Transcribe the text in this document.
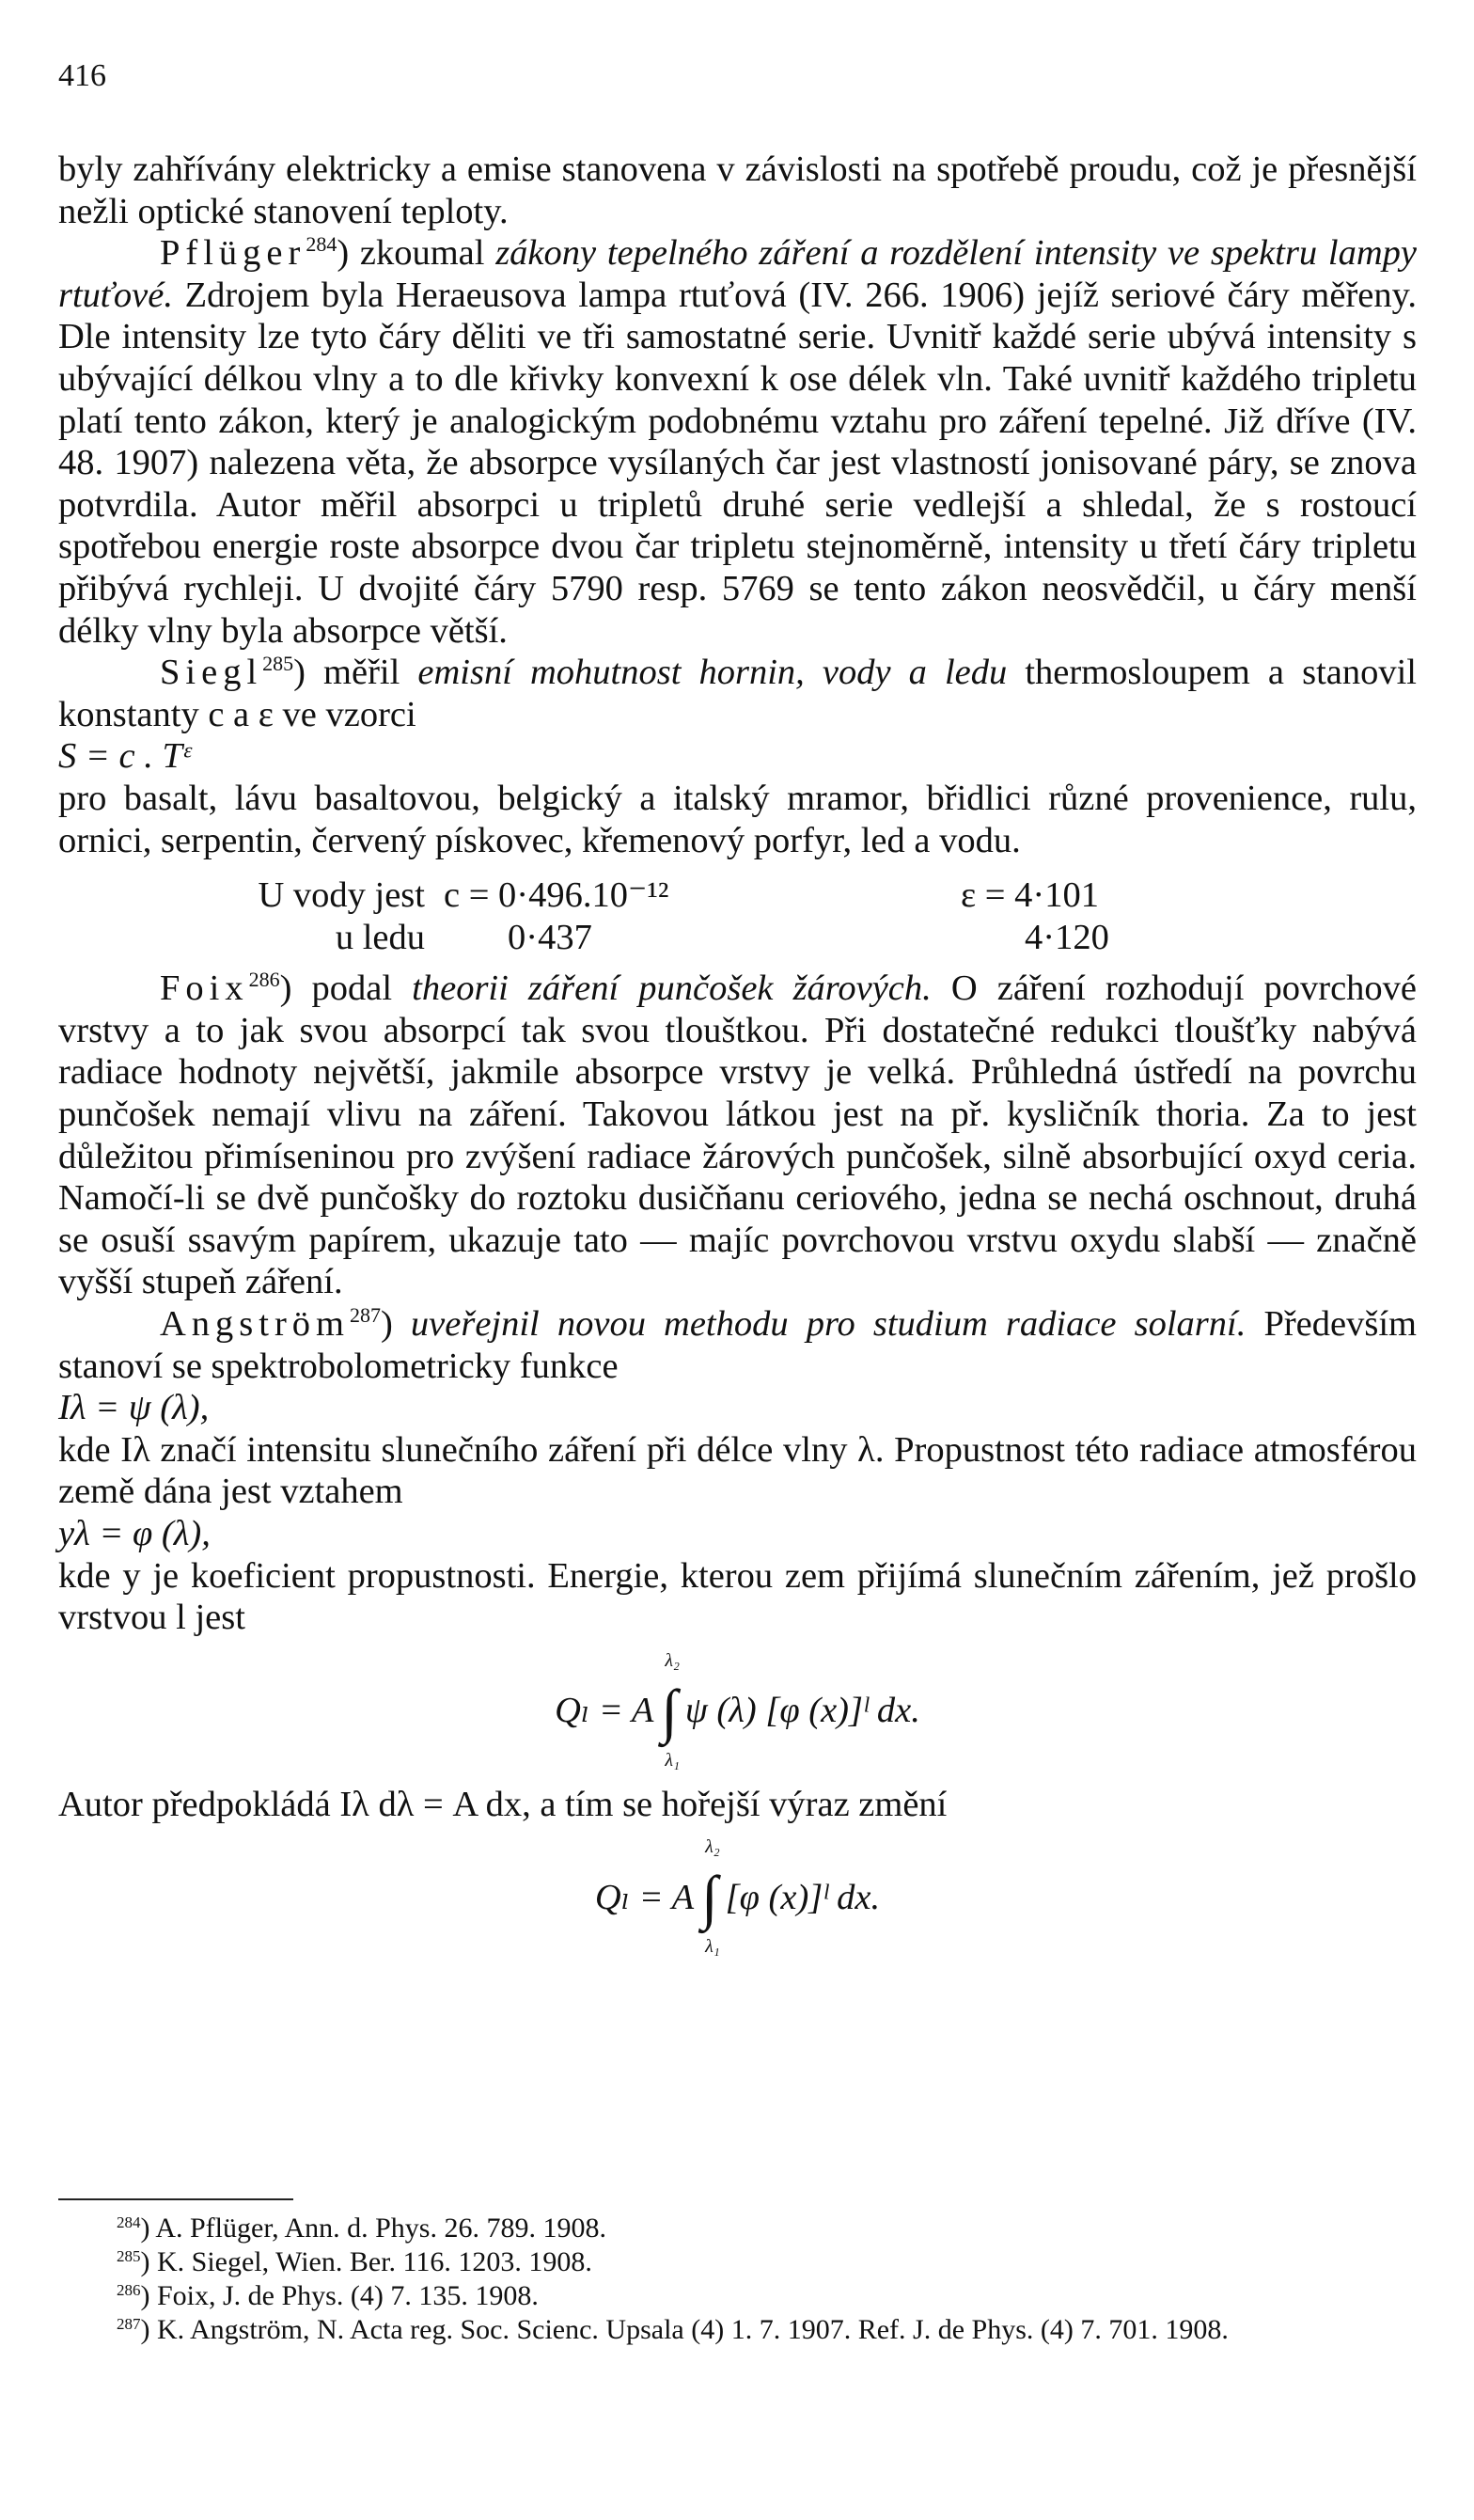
416

byly zahřívány elektricky a emise stanovena v závislosti na spotřebě proudu, což je přesnější nežli optické stanovení teploty.

Pflüger$^{284}$) zkoumal zákony tepelného záření a rozdělení intensity ve spektru lampy rtuťové. Zdrojem byla Heraeusova lampa rtuťová (IV. 266. 1906) jejíž seriové čáry měřeny. Dle intensity lze tyto čáry děliti ve tři samostatné serie. Uvnitř každé serie ubývá intensity s ubývající délkou vlny a to dle křivky konvexní k ose délek vln. Také uvnitř každého tripletu platí tento zákon, který je analogickým podobnému vztahu pro záření tepelné. Již dříve (IV. 48. 1907) nalezena věta, že absorpce vysílaných čar jest vlastností jonisované páry, se znova potvrdila. Autor měřil absorpci u tripletů druhé serie vedlejší a shledal, že s rostoucí spotřebou energie roste absorpce dvou čar tripletu stejnoměrně, intensity u třetí čáry tripletu přibývá rychleji. U dvojité čáry 5790 resp. 5769 se tento zákon neosvědčil, u čáry menší délky vlny byla absorpce větší.

Siegl$^{285}$) měřil emisní mohutnost hornin, vody a ledu thermosloupem a stanovil konstanty c a ε ve vzorci

S = c . Tᵋ

pro basalt, lávu basaltovou, belgický a italský mramor, břidlici různé provenience, rulu, ornici, serpentin, červený pískovec, křemenový porfyr, led a vodu.

U vody jest c = 0·496.10⁻¹²	ε = 4·101
u ledu	0·437	4·120

Foix$^{286}$) podal theorii záření punčošek žárových. O záření rozhodují povrchové vrstvy a to jak svou absorpcí tak svou tlouštkou. Při dostatečné redukci tloušťky nabývá radiace hodnoty největší, jakmile absorpce vrstvy je velká. Průhledná ústředí na povrchu punčošek nemají vlivu na záření. Takovou látkou jest na př. kysličník thoria. Za to jest důležitou přimíseninou pro zvýšení radiace žárových punčošek, silně absorbující oxyd ceria. Namočí-li se dvě punčošky do roztoku dusičňanu ceriového, jedna se nechá oschnout, druhá se osuší ssavým papírem, ukazuje tato — majíc povrchovou vrstvu oxydu slabší — značně vyšší stupeň záření.

Angström$^{287}$) uveřejnil novou methodu pro studium radiace solarní. Především stanoví se spektrobolometricky funkce

Iλ = ψ (λ),

kde Iλ značí intensitu slunečního záření při délce vlny λ. Propustnost této radiace atmosférou země dána jest vztahem

yλ = φ (λ),

kde y je koeficient propustnosti. Energie, kterou zem přijímá slunečním zářením, jež prošlo vrstvou l jest

Qₗ = A ∫
λ₂
λ₁
ψ (λ) [φ (x)]ˡ dx.

Autor předpokládá Iλ dλ = A dx, a tím se hořejší výraz změní

Qₗ = A ∫
λ₂
λ₁
[φ (x)]ˡ dx.

$^{284}$) A. Pflüger, Ann. d. Phys. 26. 789. 1908.

$^{285}$) K. Siegel, Wien. Ber. 116. 1203. 1908.

$^{286}$) Foix, J. de Phys. (4) 7. 135. 1908.

$^{287}$) K. Angström, N. Acta reg. Soc. Scienc. Upsala (4) 1. 7. 1907. Ref. J. de Phys. (4) 7. 701. 1908.
